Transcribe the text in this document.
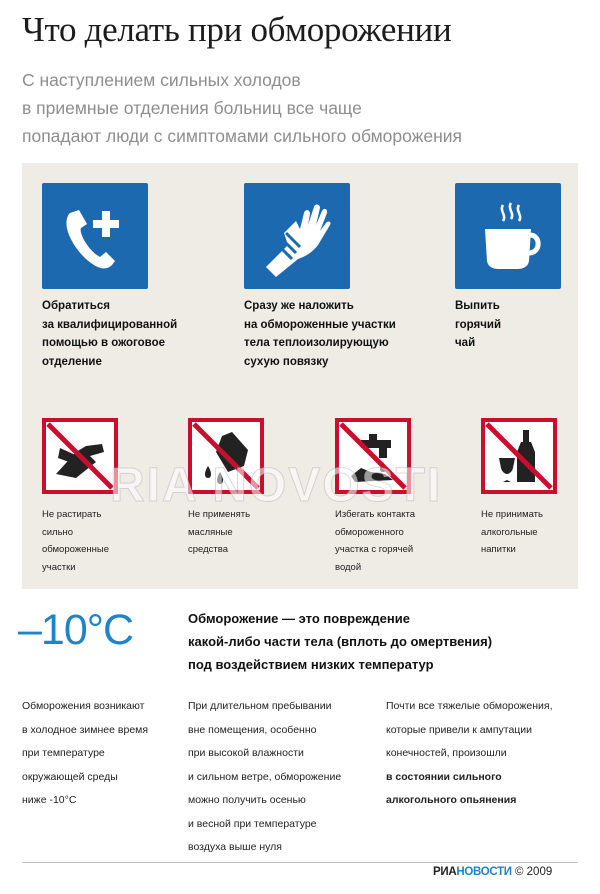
Что делать при обморожении
С наступлением сильных холодов
в приемные отделения больниц все чаще
попадают люди с симптомами сильного обморожения
Обратиться
за квалифицированной
помощью в ожоговое
отделение
Сразу же наложить
на обмороженные участки
тела теплоизолирующую
сухую повязку
Выпить
горячий
чай
Не растирать
сильно
обмороженные
участки
Не применять
масляные
средства
Избегать контакта
обмороженного
участка с горячей
водой
Не принимать
алкогольные
напитки
RIA NOVOSTI
–10°C	Обморожение — это повреждение
какой-либо части тела (вплоть до омертвения)
под воздействием низких температур
Обморожения возникают
в холодное зимнее время
при температуре
окружающей среды
ниже -10°C
При длительном пребывании
вне помещения, особенно
при высокой влажности
и сильном ветре, обморожение
можно получить осенью
и весной при температуре
воздуха выше нуля
Почти все тяжелые обморожения,
которые привели к ампутации
конечностей, произошли
в состоянии сильного
алкогольного опьянения
РИАНОВОСТИ © 2009
